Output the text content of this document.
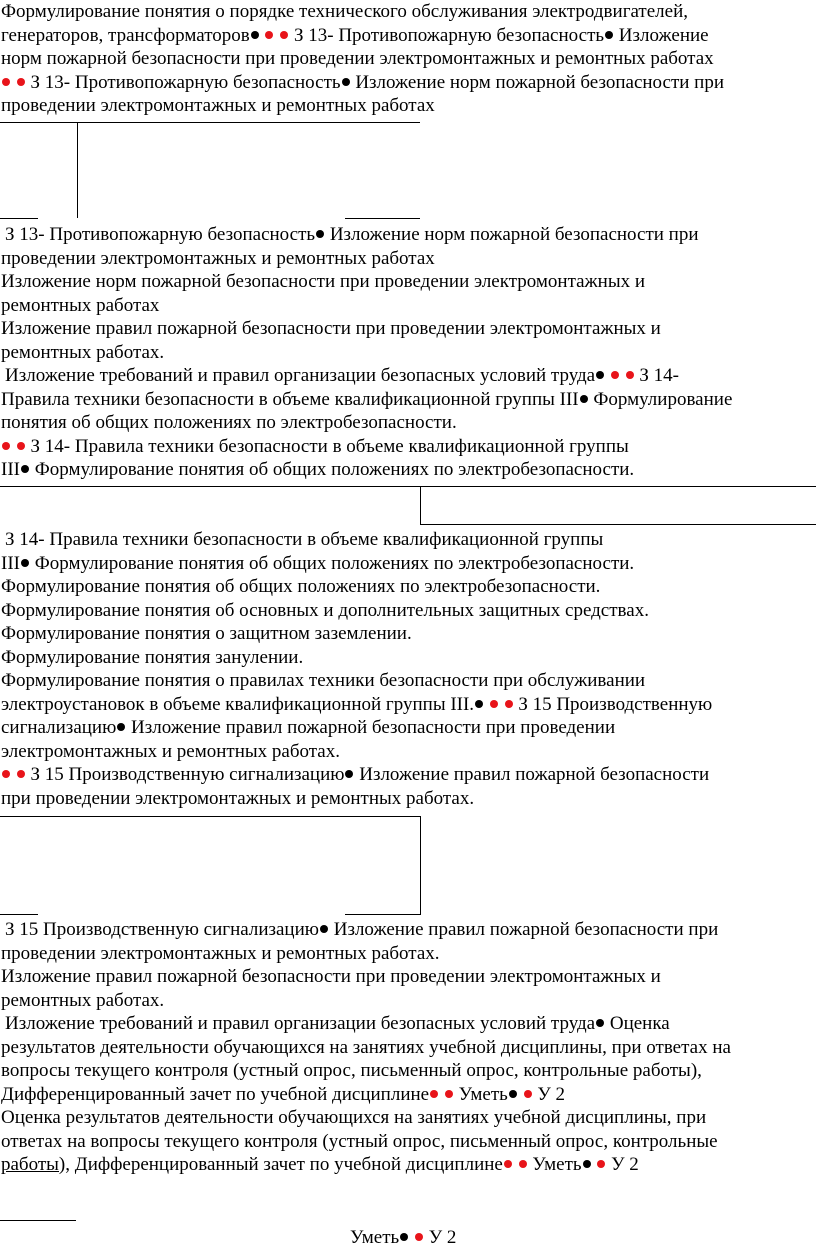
Формулирование понятия о порядке технического обслуживания электродвигателей,

генераторов, трансформаторов   З 13- Противопожарную безопасность Изложение

норм пожарной безопасности при проведении электромонтажных и ремонтных работах

З 13- Противопожарную безопасность Изложение норм пожарной безопасности при

проведении электромонтажных и ремонтных работах

З 13- Противопожарную безопасность Изложение норм пожарной безопасности при

проведении электромонтажных и ремонтных работах

Изложение норм пожарной безопасности при проведении электромонтажных и

ремонтных работах

Изложение правил пожарной безопасности при проведении электромонтажных и

ремонтных работах.

Изложение требований и правил организации безопасных условий труда   З 14-

Правила техники безопасности в объеме квалификационной группы III Формулирование

понятия об общих положениях по электробезопасности.

З 14- Правила техники безопасности в объеме квалификационной группы

III Формулирование понятия об общих положениях по электробезопасности.

З 14- Правила техники безопасности в объеме квалификационной группы

III Формулирование понятия об общих положениях по электробезопасности.

Формулирование понятия об общих положениях по электробезопасности.

Формулирование понятия об основных и дополнительных защитных средствах.

Формулирование понятия о защитном заземлении.

Формулирование понятия занулении.

Формулирование понятия о правилах техники безопасности при обслуживании

электроустановок в объеме квалификационной группы III.   З 15 Производственную

сигнализацию Изложение правил пожарной безопасности при проведении

электромонтажных и ремонтных работах.

З 15 Производственную сигнализацию Изложение правил пожарной безопасности

при проведении электромонтажных и ремонтных работах.

З 15 Производственную сигнализацию Изложение правил пожарной безопасности при

проведении электромонтажных и ремонтных работах.

Изложение правил пожарной безопасности при проведении электромонтажных и

ремонтных работах.

Изложение требований и правил организации безопасных условий труда Оценка

результатов деятельности обучающихся на занятиях учебной дисциплины, при ответах на

вопросы текущего контроля (устный опрос, письменный опрос, контрольные работы),

Дифференцированный зачет по учебной дисциплине  Уметь  У 2

Оценка результатов деятельности обучающихся на занятиях учебной дисциплины, при

ответах на вопросы текущего контроля (устный опрос, письменный опрос, контрольные

работы), Дифференцированный зачет по учебной дисциплине  Уметь  У 2

Уметь  У 2
